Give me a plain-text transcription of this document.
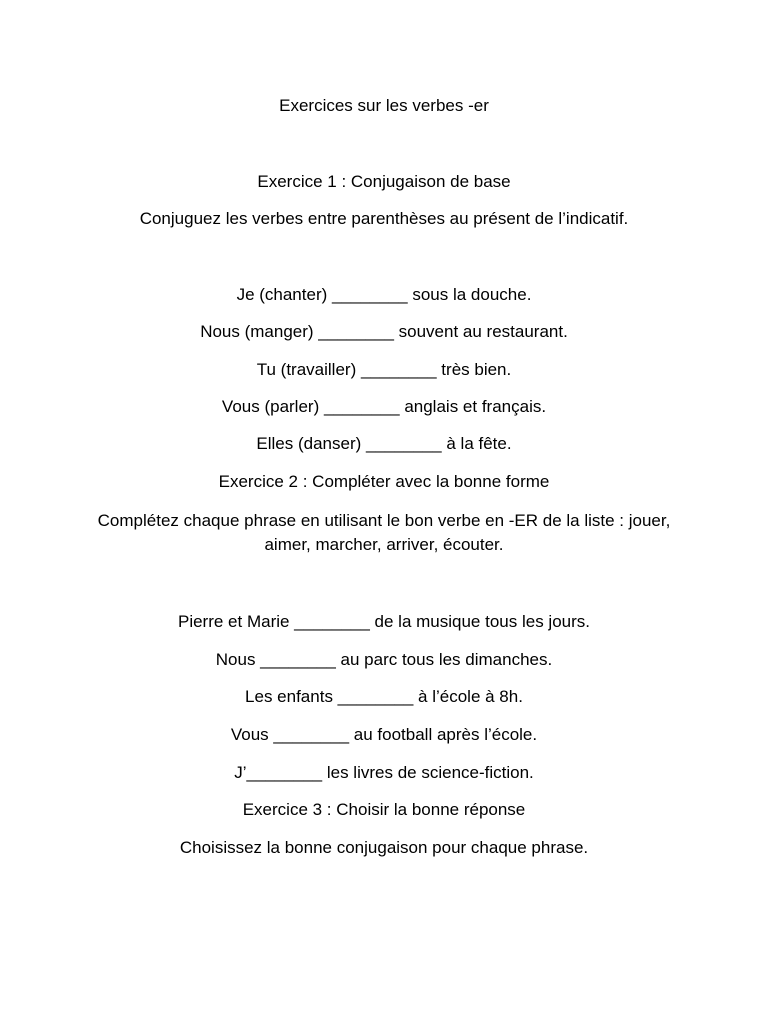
Exercices sur les verbes -er
Exercice 1 : Conjugaison de base
Conjuguez les verbes entre parenthèses au présent de l’indicatif.
Je (chanter) ________ sous la douche.
Nous (manger) ________ souvent au restaurant.
Tu (travailler) ________ très bien.
Vous (parler) ________ anglais et français.
Elles (danser) ________ à la fête.
Exercice 2 : Compléter avec la bonne forme
Complétez chaque phrase en utilisant le bon verbe en -ER de la liste : jouer, aimer, marcher, arriver, écouter.
Pierre et Marie ________ de la musique tous les jours.
Nous ________ au parc tous les dimanches.
Les enfants ________ à l’école à 8h.
Vous ________ au football après l’école.
J’________ les livres de science-fiction.
Exercice 3 : Choisir la bonne réponse
Choisissez la bonne conjugaison pour chaque phrase.
